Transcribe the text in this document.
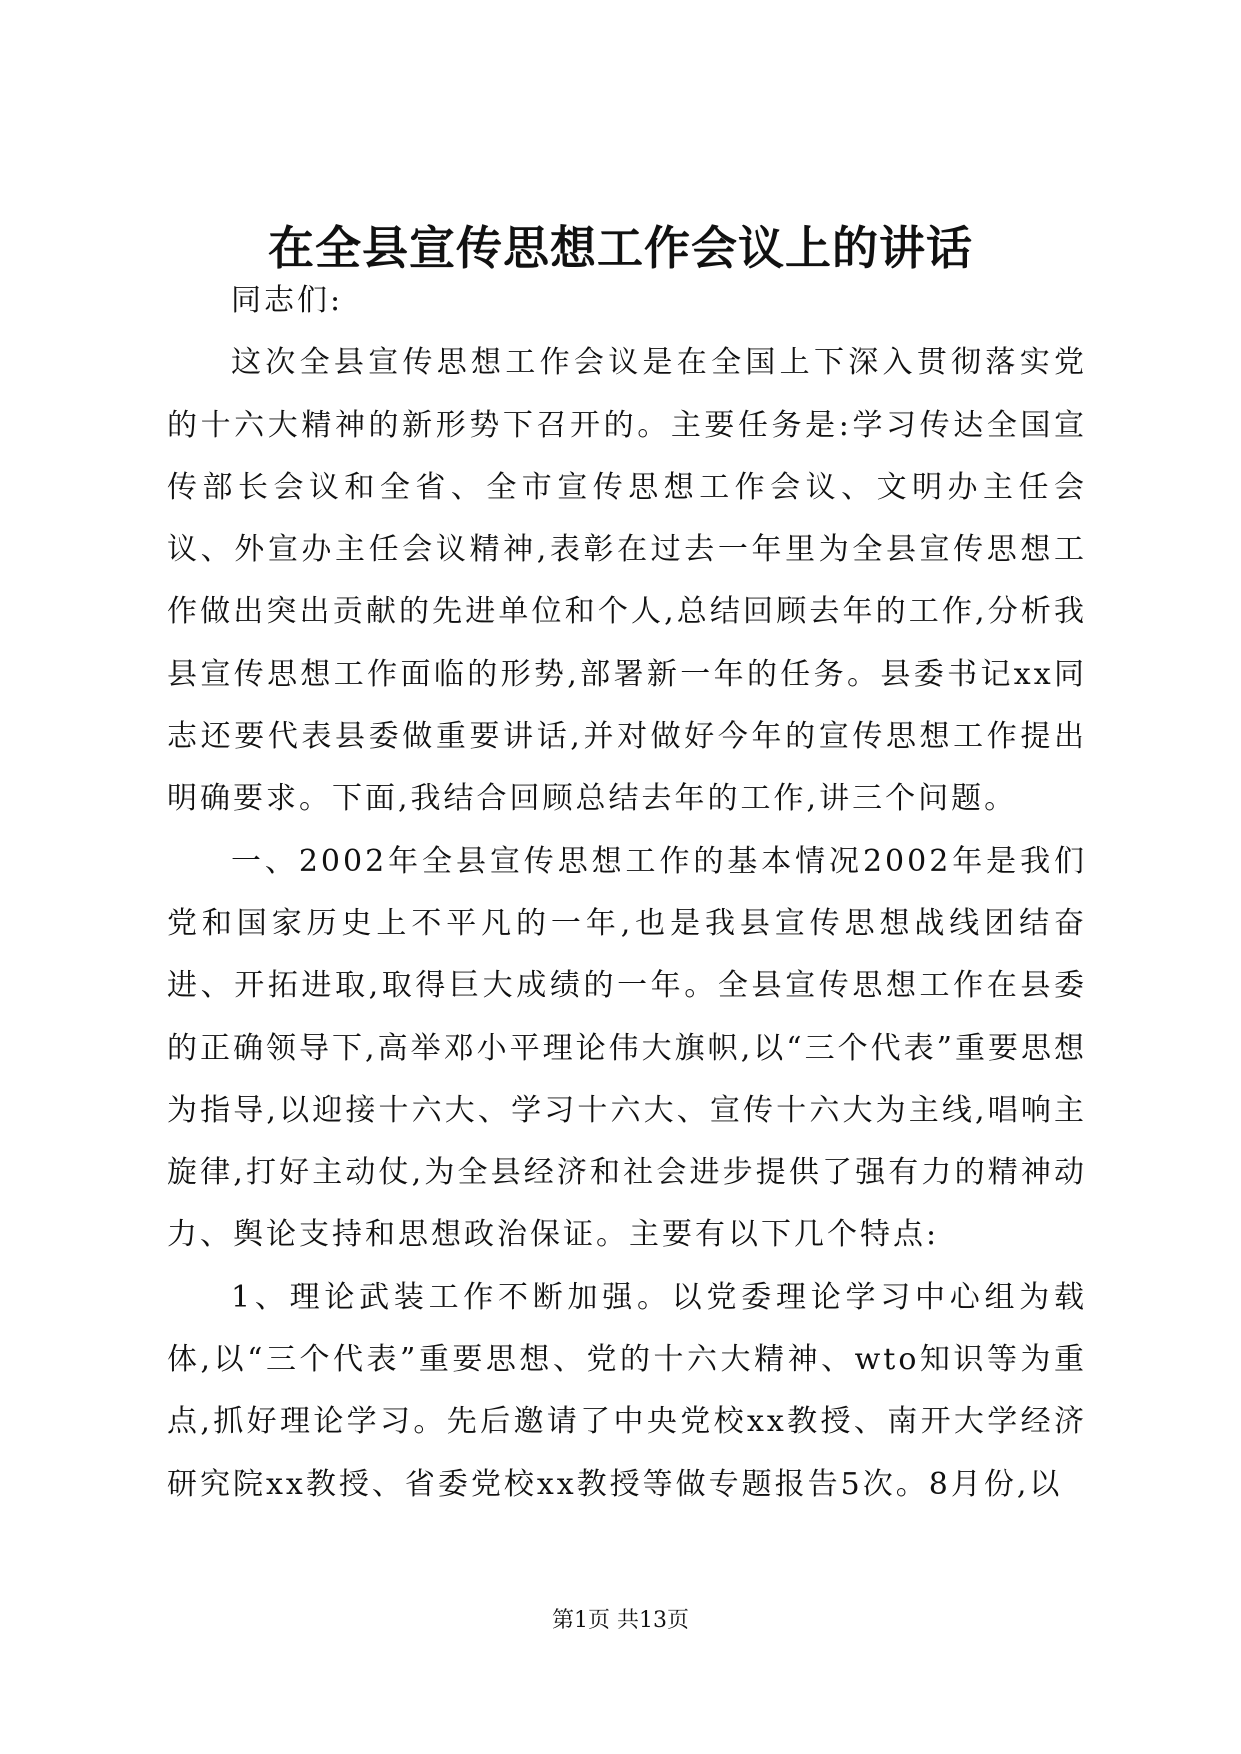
在全县宣传思想工作会议上的讲话

同志们:

这次全县宣传思想工作会议是在全国上下深入贯彻落实党的十六大精神的新形势下召开的。主要任务是:学习传达全国宣传部长会议和全省、全市宣传思想工作会议、文明办主任会议、外宣办主任会议精神,表彰在过去一年里为全县宣传思想工作做出突出贡献的先进单位和个人,总结回顾去年的工作,分析我县宣传思想工作面临的形势,部署新一年的任务。县委书记xx同志还要代表县委做重要讲话,并对做好今年的宣传思想工作提出明确要求。下面,我结合回顾总结去年的工作,讲三个问题。

一、2002年全县宣传思想工作的基本情况2002年是我们党和国家历史上不平凡的一年,也是我县宣传思想战线团结奋进、开拓进取,取得巨大成绩的一年。全县宣传思想工作在县委的正确领导下,高举邓小平理论伟大旗帜,以“三个代表”重要思想为指导,以迎接十六大、学习十六大、宣传十六大为主线,唱响主旋律,打好主动仗,为全县经济和社会进步提供了强有力的精神动力、舆论支持和思想政治保证。主要有以下几个特点:

1、理论武装工作不断加强。以党委理论学习中心组为载体,以“三个代表”重要思想、党的十六大精神、wto知识等为重点,抓好理论学习。先后邀请了中央党校xx教授、南开大学经济研究院xx教授、省委党校xx教授等做专题报告5次。8月份,以

第1页 共13页
